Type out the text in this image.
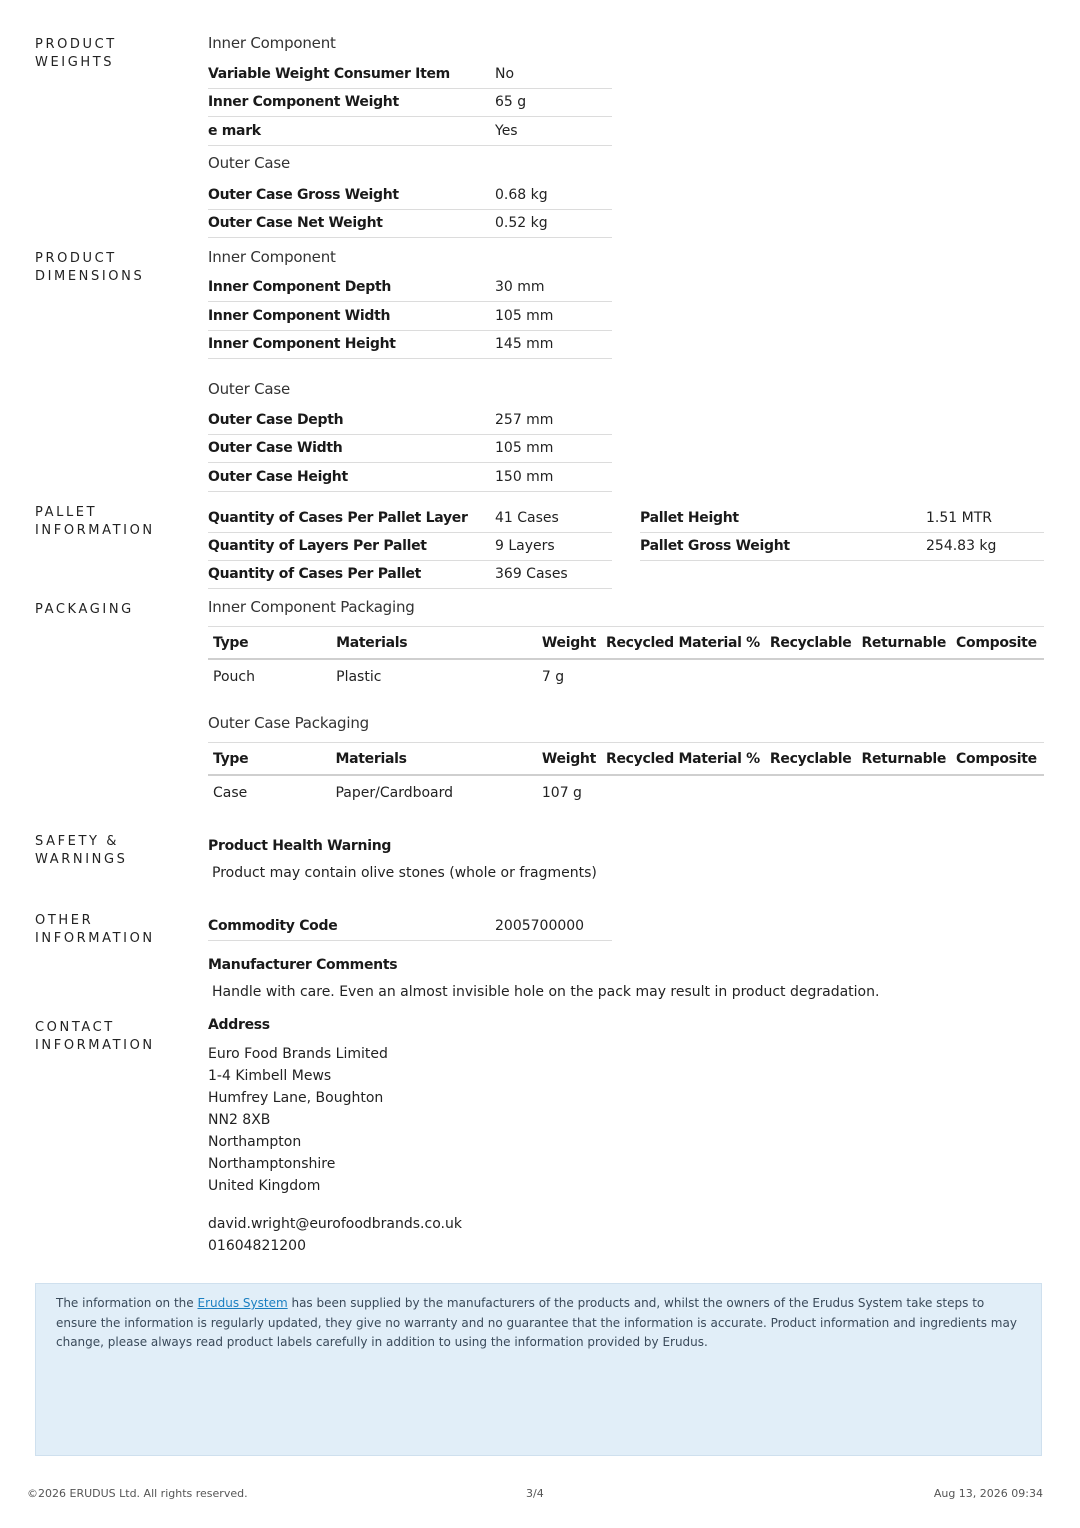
PRODUCT WEIGHTS
Inner Component
Variable Weight Consumer Item	No
Inner Component Weight	65 g
e mark	Yes
Outer Case
Outer Case Gross Weight	0.68 kg
Outer Case Net Weight	0.52 kg
PRODUCT DIMENSIONS
Inner Component
Inner Component Depth	30 mm
Inner Component Width	105 mm
Inner Component Height	145 mm
Outer Case
Outer Case Depth	257 mm
Outer Case Width	105 mm
Outer Case Height	150 mm
PALLET INFORMATION
Quantity of Cases Per Pallet Layer 41 Cases
Quantity of Layers Per Pallet	9 Layers
Quantity of Cases Per Pallet	369 Cases
Pallet Height	1.51 MTR
Pallet Gross Weight	254.83 kg
PACKAGING	Inner Component Packaging
Type	Materials	Weight	Recycled Material %	Recyclable	Returnable	Composite
Pouch	Plastic	7 g				
Outer Case Packaging
Type	Materials	Weight	Recycled Material %	Recyclable	Returnable	Composite
Case	Paper/Cardboard	107 g				
SAFETY & WARNINGS
Product Health Warning
Product may contain olive stones (whole or fragments)
OTHER INFORMATION
Commodity Code	2005700000
Manufacturer Comments
Handle with care. Even an almost invisible hole on the pack may result in product degradation.
CONTACT INFORMATION
Address
Euro Food Brands Limited
1-4 Kimbell Mews
Humfrey Lane, Boughton
NN2 8XB
Northampton
Northamptonshire
United Kingdom
david.wright@eurofoodbrands.co.uk
01604821200
The information on the Erudus System has been supplied by the manufacturers of the products and, whilst the owners of the Erudus System take steps to ensure the information is regularly updated, they give no warranty and no guarantee that the information is accurate. Product information and ingredients may change, please always read product labels carefully in addition to using the information provided by Erudus.
©2026 ERUDUS Ltd. All rights reserved.	3/4	Aug 13, 2026 09:34
